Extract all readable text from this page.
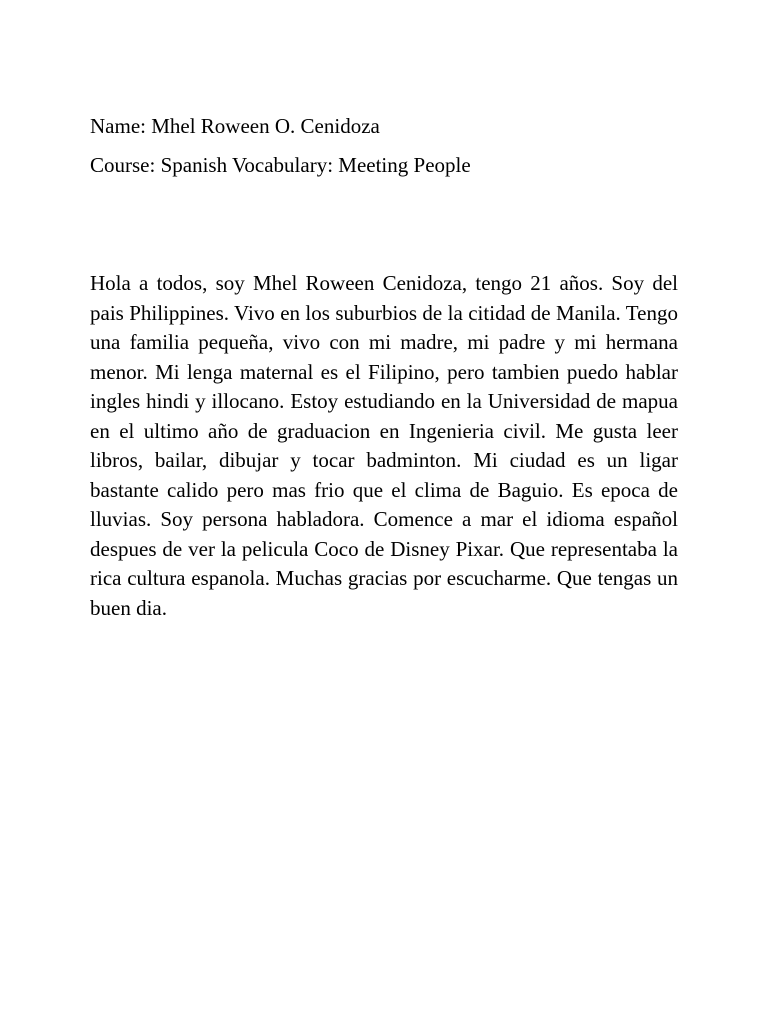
Name: Mhel Roween O. Cenidoza
Course: Spanish Vocabulary: Meeting People

Hola a todos, soy Mhel Roween Cenidoza, tengo 21 años. Soy del pais Philippines. Vivo en los suburbios de la citidad de Manila. Tengo una familia pequeña, vivo con mi madre, mi padre y mi hermana menor. Mi lenga maternal es el Filipino, pero tambien puedo hablar ingles hindi y illocano. Estoy estudiando en la Universidad de mapua en el ultimo año de graduacion en Ingenieria civil. Me gusta leer libros, bailar, dibujar y tocar badminton. Mi ciudad es un ligar bastante calido pero mas frio que el clima de Baguio. Es epoca de lluvias. Soy persona habladora. Comence a mar el idioma español despues de ver la pelicula Coco de Disney Pixar. Que representaba la rica cultura espanola. Muchas gracias por escucharme. Que tengas un buen dia.
